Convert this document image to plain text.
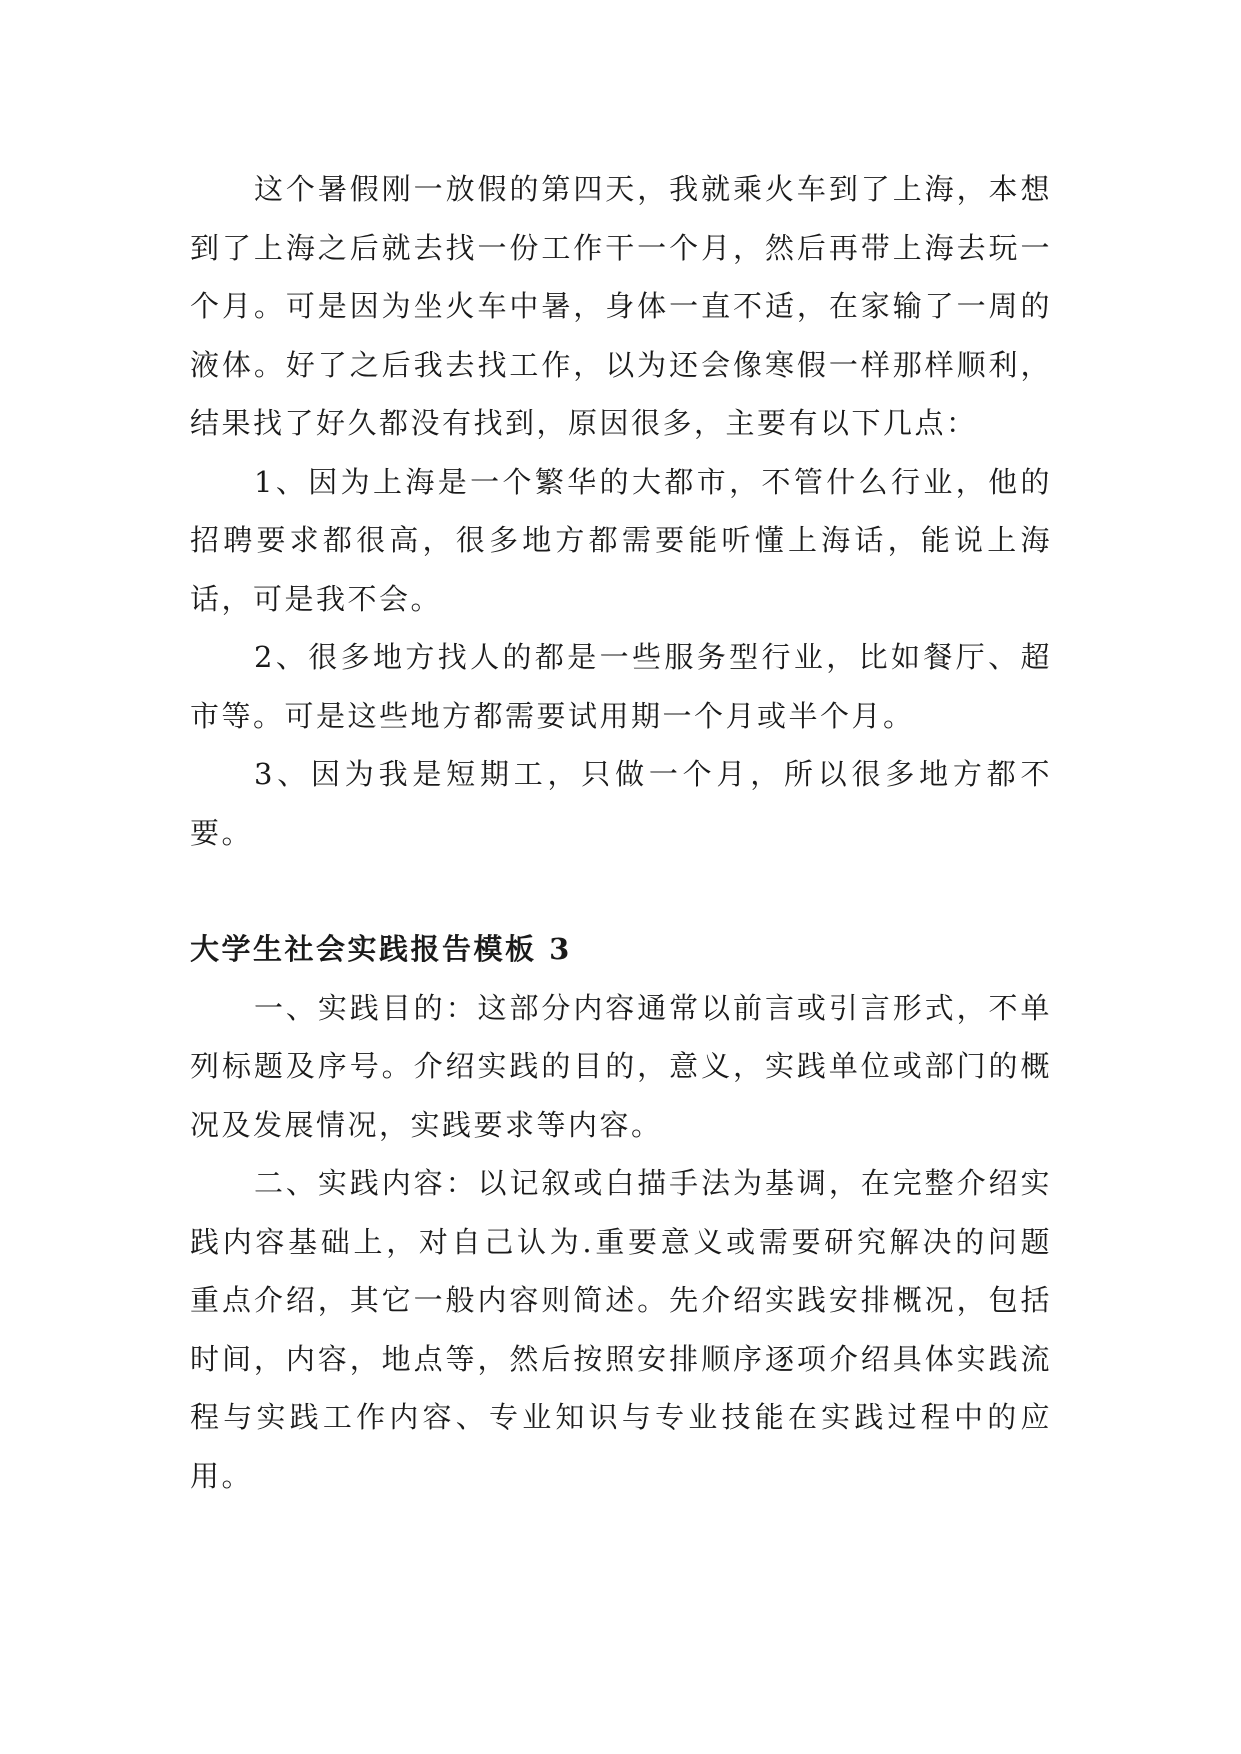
这个暑假刚一放假的第四天，我就乘火车到了上海，本想到了上海之后就去找一份工作干一个月，然后再带上海去玩一个月。可是因为坐火车中暑，身体一直不适，在家输了一周的液体。好了之后我去找工作，以为还会像寒假一样那样顺利，结果找了好久都没有找到，原因很多，主要有以下几点：

1、因为上海是一个繁华的大都市，不管什么行业，他的招聘要求都很高，很多地方都需要能听懂上海话，能说上海话，可是我不会。

2、很多地方找人的都是一些服务型行业，比如餐厅、超市等。可是这些地方都需要试用期一个月或半个月。

3、因为我是短期工，只做一个月，所以很多地方都不要。

大学生社会实践报告模板 3

一、实践目的：这部分内容通常以前言或引言形式，不单列标题及序号。介绍实践的目的，意义，实践单位或部门的概况及发展情况，实践要求等内容。

二、实践内容：以记叙或白描手法为基调，在完整介绍实践内容基础上，对自己认为.重要意义或需要研究解决的问题重点介绍，其它一般内容则简述。先介绍实践安排概况，包括时间，内容，地点等，然后按照安排顺序逐项介绍具体实践流程与实践工作内容、专业知识与专业技能在实践过程中的应用。
